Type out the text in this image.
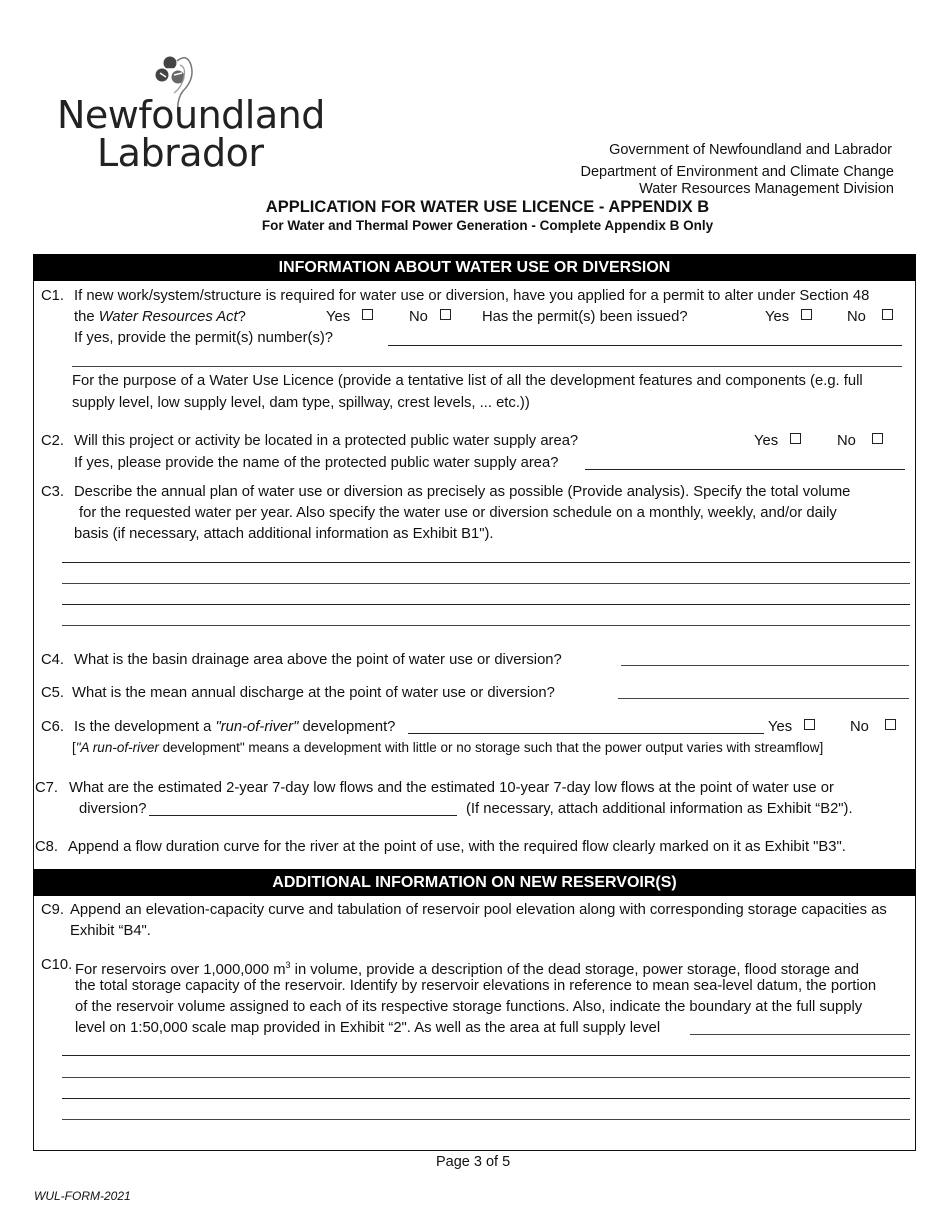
Newfoundland
Labrador	Government of Newfoundland and Labrador
Department of Environment and Climate Change
Water Resources Management Division
APPLICATION FOR WATER USE LICENCE - APPENDIX B
For Water and Thermal Power Generation - Complete Appendix B Only
INFORMATION ABOUT WATER USE OR DIVERSION
C1. If new work/system/structure is required for water use or diversion, have you applied for a permit to alter under Section 48
the Water Resources Act?	Yes	No	Has the permit(s) been issued?	Yes	No
If yes, provide the permit(s) number(s)?
For the purpose of a Water Use Licence (provide a tentative list of all the development features and components (e.g. full
supply level, low supply level, dam type, spillway, crest levels, ... etc.))
C2. Will this project or activity be located in a protected public water supply area?	Yes	No
If yes, please provide the name of the protected public water supply area?
C3. Describe the annual plan of water use or diversion as precisely as possible (Provide analysis). Specify the total volume
for the requested water per year. Also specify the water use or diversion schedule on a monthly, weekly, and/or daily
basis (if necessary, attach additional information as Exhibit B1").
C4. What is the basin drainage area above the point of water use or diversion?
C5. What is the mean annual discharge at the point of water use or diversion?
C6. Is the development a "run-of-river" development?	Yes	No
["A run-of-river development" means a development with little or no storage such that the power output varies with streamflow]
C7. What are the estimated 2-year 7-day low flows and the estimated 10-year 7-day low flows at the point of water use or
diversion?	(If necessary, attach additional information as Exhibit “B2").
C8. Append a flow duration curve for the river at the point of use, with the required flow clearly marked on it as Exhibit "B3".
ADDITIONAL INFORMATION ON NEW RESERVOIR(S)
C9. Append an elevation-capacity curve and tabulation of reservoir pool elevation along with corresponding storage capacities as
Exhibit “B4".
C10. For reservoirs over 1,000,000 $m^3$ in volume, provide a description of the dead storage, power storage, flood storage and
the total storage capacity of the reservoir. Identify by reservoir elevations in reference to mean sea-level datum, the portion
of the reservoir volume assigned to each of its respective storage functions. Also, indicate the boundary at the full supply
level on 1:50,000 scale map provided in Exhibit “2". As well as the area at full supply level
Page 3 of 5
WUL-FORM-2021
